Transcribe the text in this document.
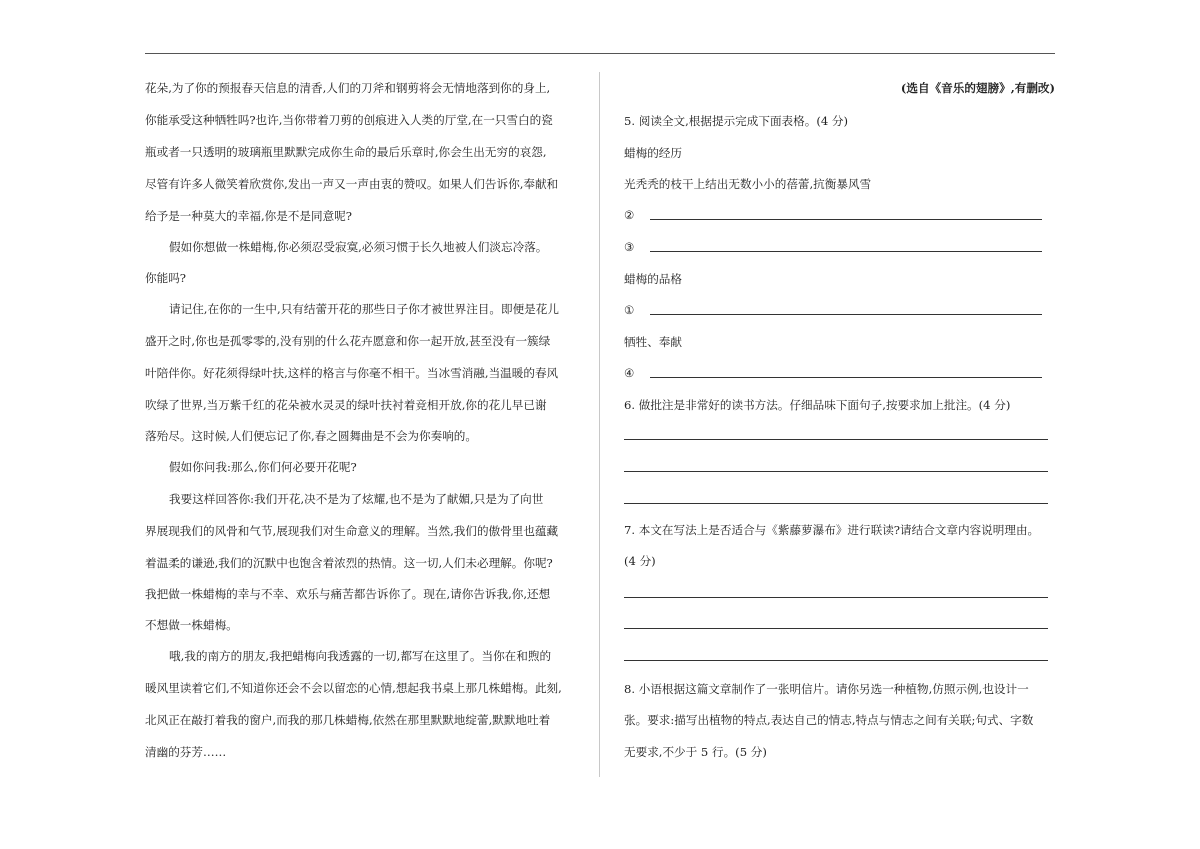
花朵,为了你的预报春天信息的清香,人们的刀斧和钢剪将会无情地落到你的身上,
你能承受这种牺牲吗?也许,当你带着刀剪的创痕进入人类的厅堂,在一只雪白的瓷
瓶或者一只透明的玻璃瓶里默默完成你生命的最后乐章时,你会生出无穷的哀怨,
尽管有许多人微笑着欣赏你,发出一声又一声由衷的赞叹。如果人们告诉你,奉献和
给予是一种莫大的幸福,你是不是同意呢?
假如你想做一株蜡梅,你必须忍受寂寞,必须习惯于长久地被人们淡忘冷落。
你能吗?
请记住,在你的一生中,只有结蕾开花的那些日子你才被世界注目。即便是花儿
盛开之时,你也是孤零零的,没有别的什么花卉愿意和你一起开放,甚至没有一簇绿
叶陪伴你。好花须得绿叶扶,这样的格言与你毫不相干。当冰雪消融,当温暖的春风
吹绿了世界,当万紫千红的花朵被水灵灵的绿叶扶衬着竞相开放,你的花儿早已谢
落殆尽。这时候,人们便忘记了你,春之圆舞曲是不会为你奏响的。
假如你问我:那么,你们何必要开花呢?
我要这样回答你:我们开花,决不是为了炫耀,也不是为了献媚,只是为了向世
界展现我们的风骨和气节,展现我们对生命意义的理解。当然,我们的傲骨里也蕴藏
着温柔的谦逊,我们的沉默中也饱含着浓烈的热情。这一切,人们未必理解。你呢?
我把做一株蜡梅的幸与不幸、欢乐与痛苦都告诉你了。现在,请你告诉我,你,还想
不想做一株蜡梅。
哦,我的南方的朋友,我把蜡梅向我透露的一切,都写在这里了。当你在和煦的
暖风里读着它们,不知道你还会不会以留恋的心情,想起我书桌上那几株蜡梅。此刻,
北风正在敲打着我的窗户,而我的那几株蜡梅,依然在那里默默地绽蕾,默默地吐着
清幽的芬芳……
(选自《音乐的翅膀》,有删改)
5. 阅读全文,根据提示完成下面表格。(4 分)
蜡梅的经历
光秃秃的枝干上结出无数小小的蓓蕾,抗衡暴风雪
②
③
蜡梅的品格
①
牺牲、奉献
④
6. 做批注是非常好的读书方法。仔细品味下面句子,按要求加上批注。(4 分)
7. 本文在写法上是否适合与《紫藤萝瀑布》进行联读?请结合文章内容说明理由。
(4 分)
8. 小语根据这篇文章制作了一张明信片。请你另选一种植物,仿照示例,也设计一
张。要求:描写出植物的特点,表达自己的情志,特点与情志之间有关联;句式、字数
无要求,不少于 5 行。(5 分)
